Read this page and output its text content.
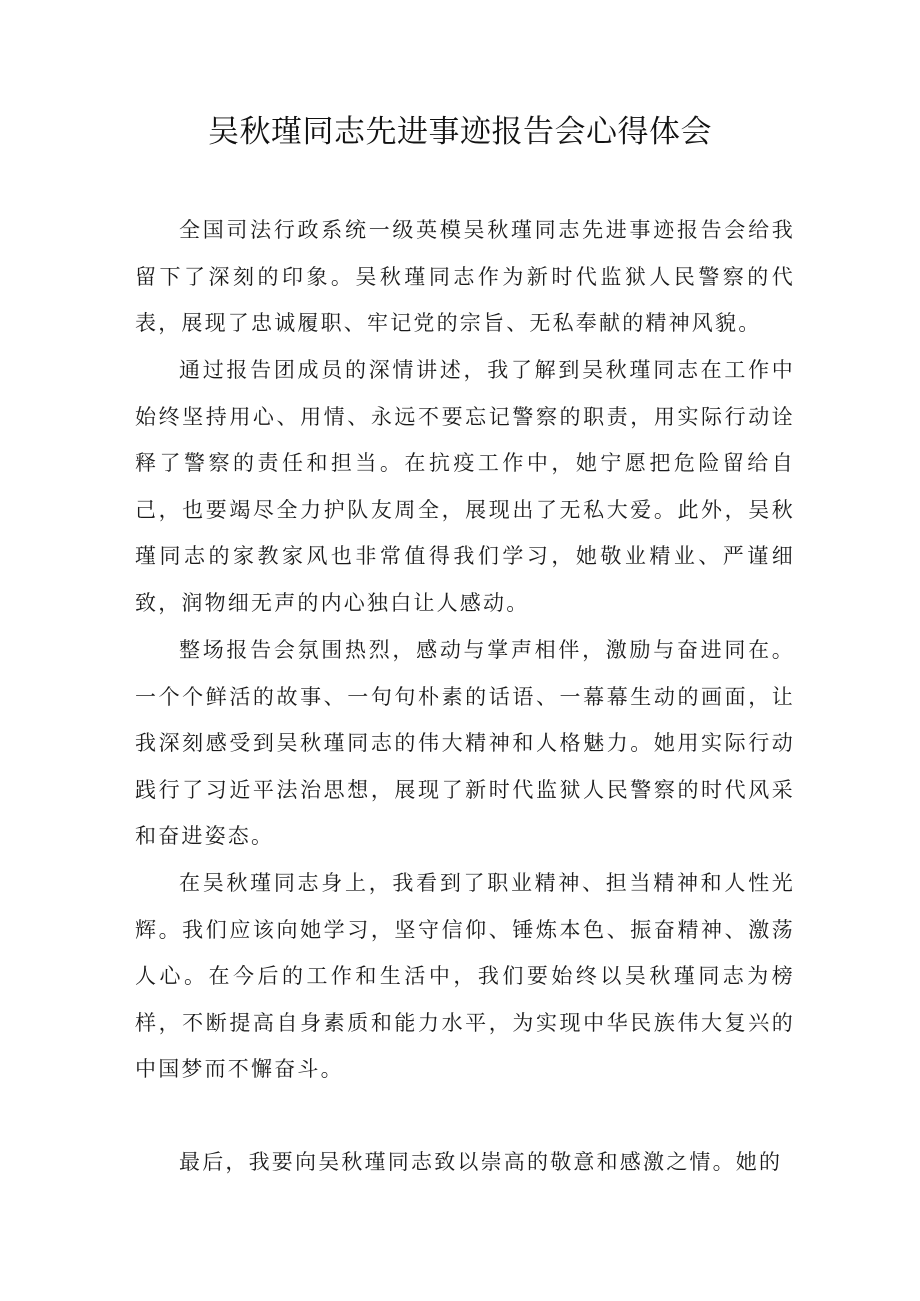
吴秋瑾同志先进事迹报告会心得体会

全国司法行政系统一级英模吴秋瑾同志先进事迹报告会给我留下了深刻的印象。吴秋瑾同志作为新时代监狱人民警察的代表，展现了忠诚履职、牢记党的宗旨、无私奉献的精神风貌。

通过报告团成员的深情讲述，我了解到吴秋瑾同志在工作中始终坚持用心、用情、永远不要忘记警察的职责，用实际行动诠释了警察的责任和担当。在抗疫工作中，她宁愿把危险留给自己，也要竭尽全力护队友周全，展现出了无私大爱。此外，吴秋瑾同志的家教家风也非常值得我们学习，她敬业精业、严谨细致，润物细无声的内心独白让人感动。

整场报告会氛围热烈，感动与掌声相伴，激励与奋进同在。一个个鲜活的故事、一句句朴素的话语、一幕幕生动的画面，让我深刻感受到吴秋瑾同志的伟大精神和人格魅力。她用实际行动践行了习近平法治思想，展现了新时代监狱人民警察的时代风采和奋进姿态。

在吴秋瑾同志身上，我看到了职业精神、担当精神和人性光辉。我们应该向她学习，坚守信仰、锤炼本色、振奋精神、激荡人心。在今后的工作和生活中，我们要始终以吴秋瑾同志为榜样，不断提高自身素质和能力水平，为实现中华民族伟大复兴的中国梦而不懈奋斗。

最后，我要向吴秋瑾同志致以崇高的敬意和感激之情。她的
